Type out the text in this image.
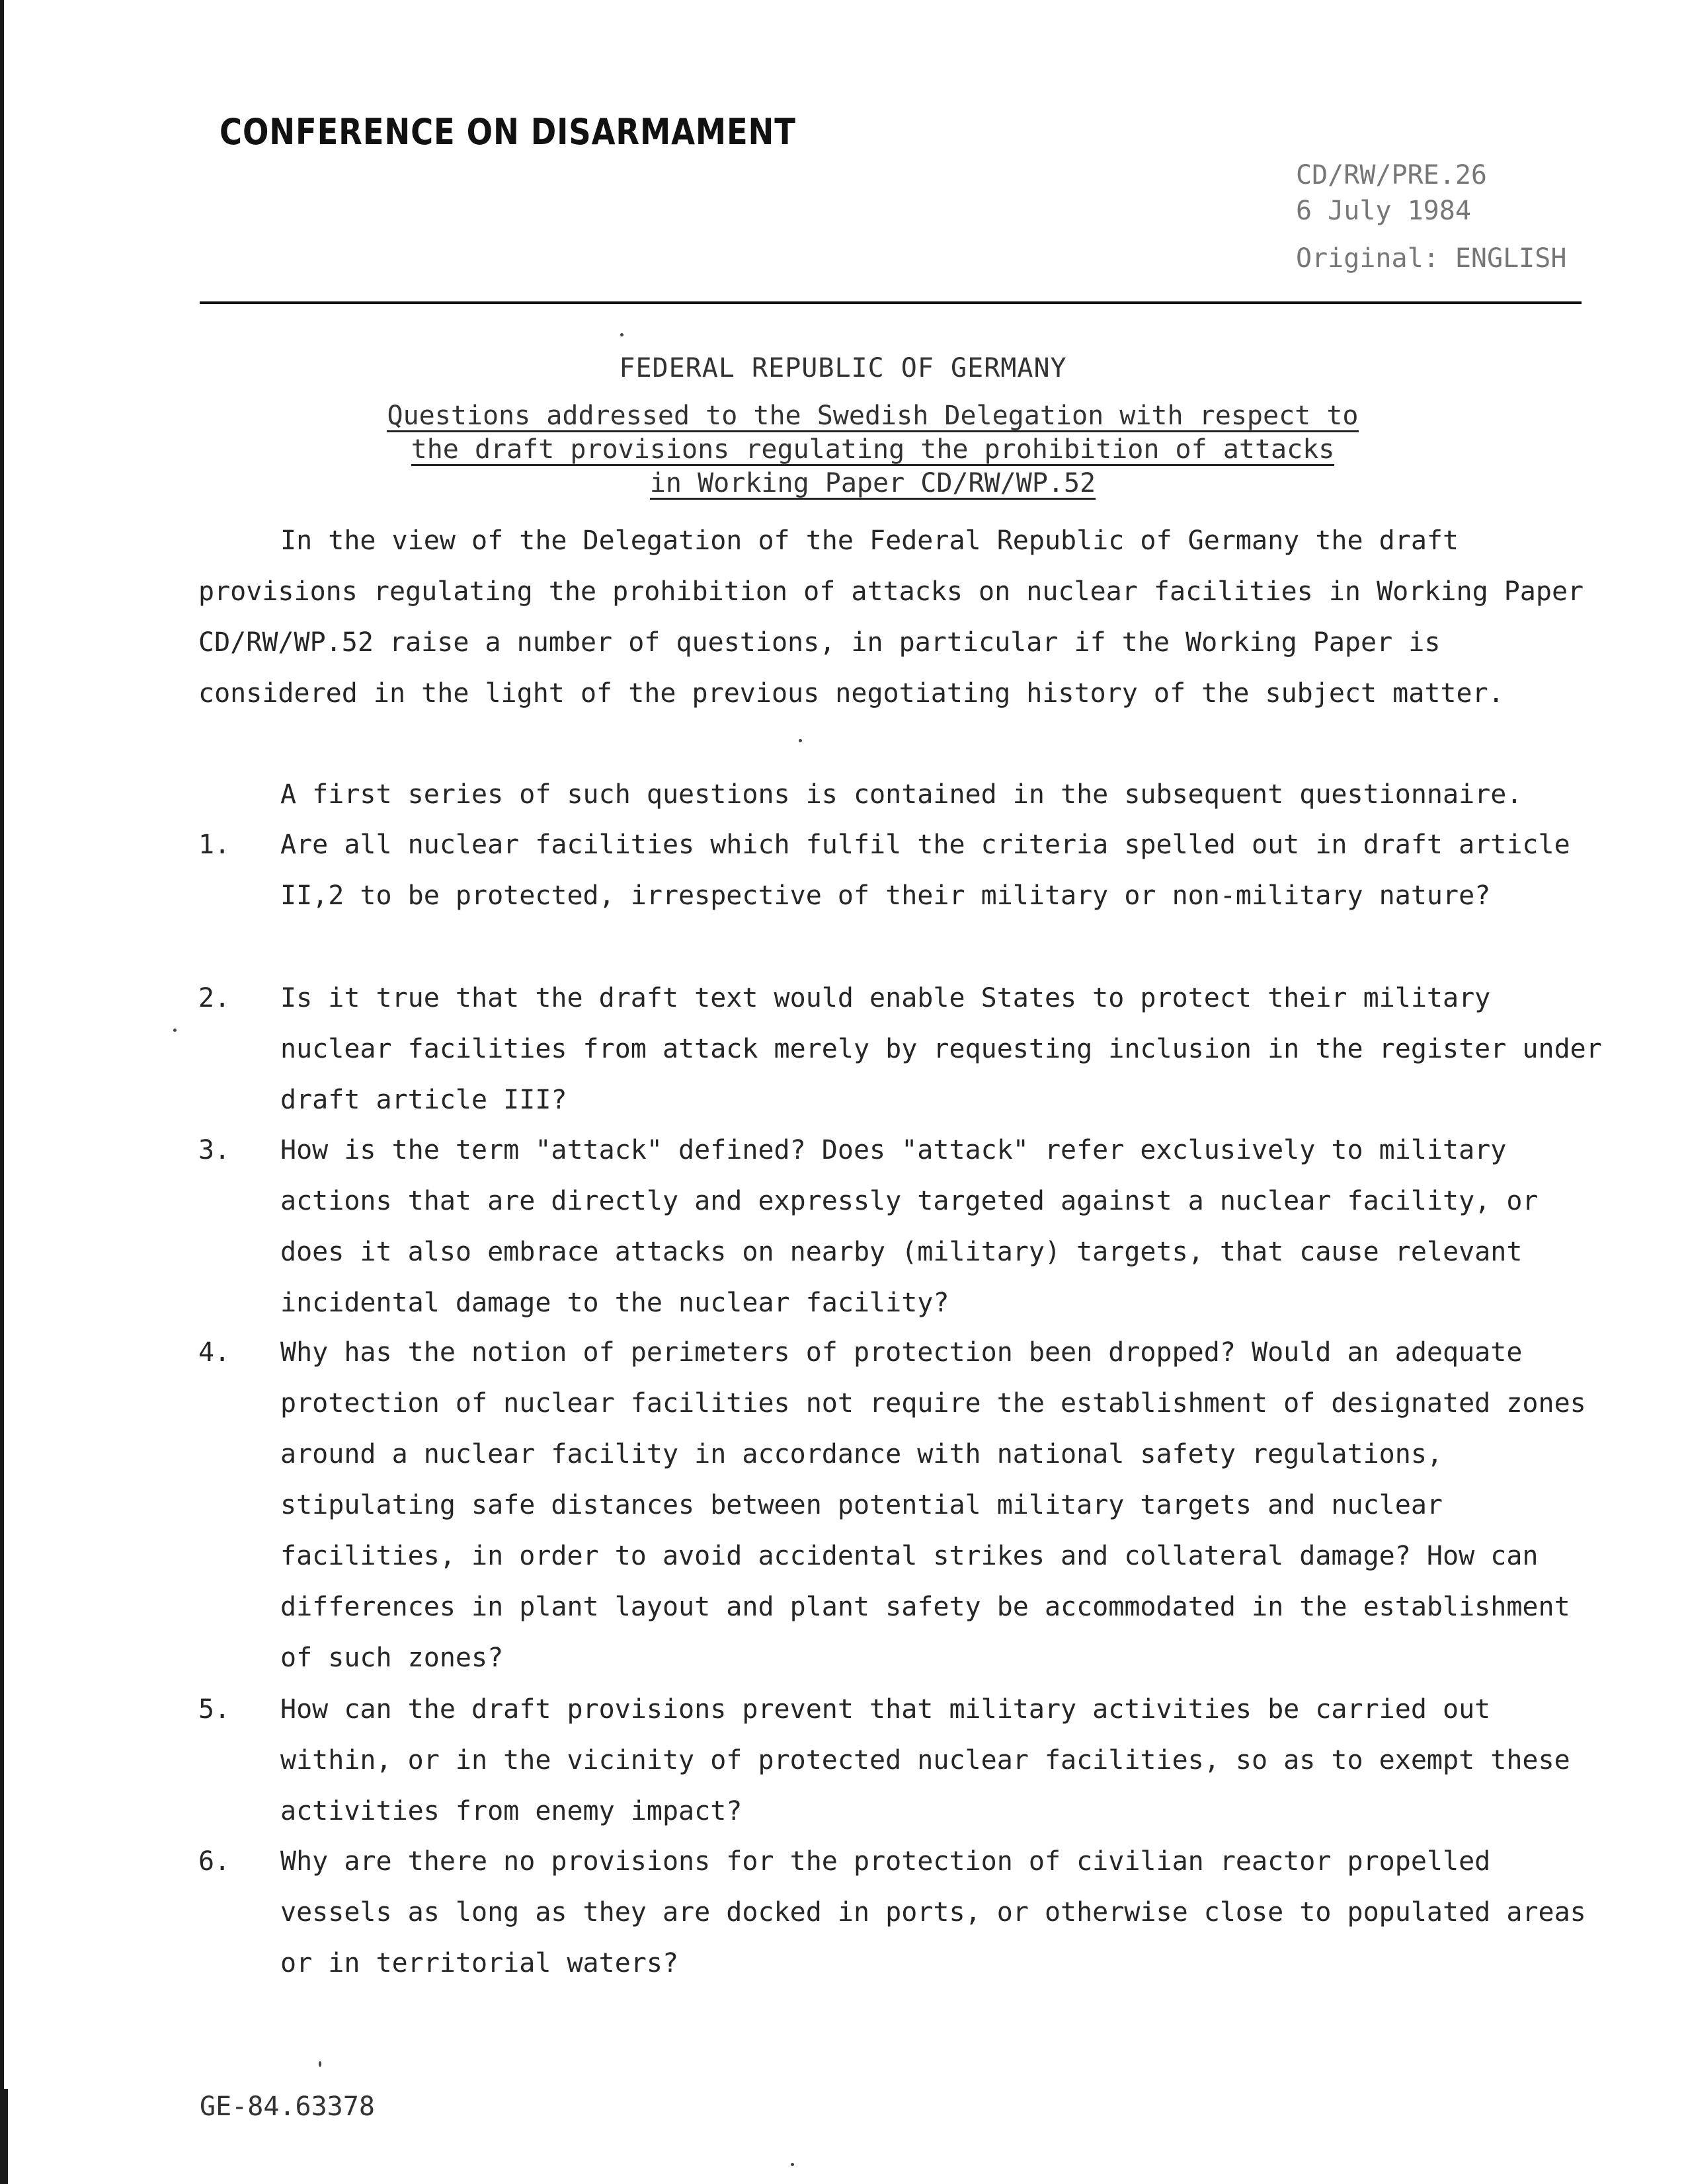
CONFERENCE ON DISARMAMENT
CD/RW/PRE.26
6 July 1984
Original: ENGLISH
FEDERAL REPUBLIC OF GERMANY
Questions addressed to the Swedish Delegation with respect to
the draft provisions regulating the prohibition of attacks
in Working Paper CD/RW/WP.52
In the view of the Delegation of the Federal Republic of Germany the draft provisions regulating the prohibition of attacks on nuclear facilities in Working Paper CD/RW/WP.52 raise a number of questions, in particular if the Working Paper is considered in the light of the previous negotiating history of the subject matter.
A first series of such questions is contained in the subsequent questionnaire.
1.	Are all nuclear facilities which fulfil the criteria spelled out in draft article II,2 to be protected, irrespective of their military or non-military nature?
2.	Is it true that the draft text would enable States to protect their military nuclear facilities from attack merely by requesting inclusion in the register under draft article III?
3.	How is the term "attack" defined? Does "attack" refer exclusively to military actions that are directly and expressly targeted against a nuclear facility, or does it also embrace attacks on nearby (military) targets, that cause relevant incidental damage to the nuclear facility?
4.	Why has the notion of perimeters of protection been dropped? Would an adequate protection of nuclear facilities not require the establishment of designated zones around a nuclear facility in accordance with national safety regulations, stipulating safe distances between potential military targets and nuclear facilities, in order to avoid accidental strikes and collateral damage? How can differences in plant layout and plant safety be accommodated in the establishment of such zones?
5.	How can the draft provisions prevent that military activities be carried out within, or in the vicinity of protected nuclear facilities, so as to exempt these activities from enemy impact?
6.	Why are there no provisions for the protection of civilian reactor propelled vessels as long as they are docked in ports, or otherwise close to populated areas or in territorial waters?
GE-84.63378
